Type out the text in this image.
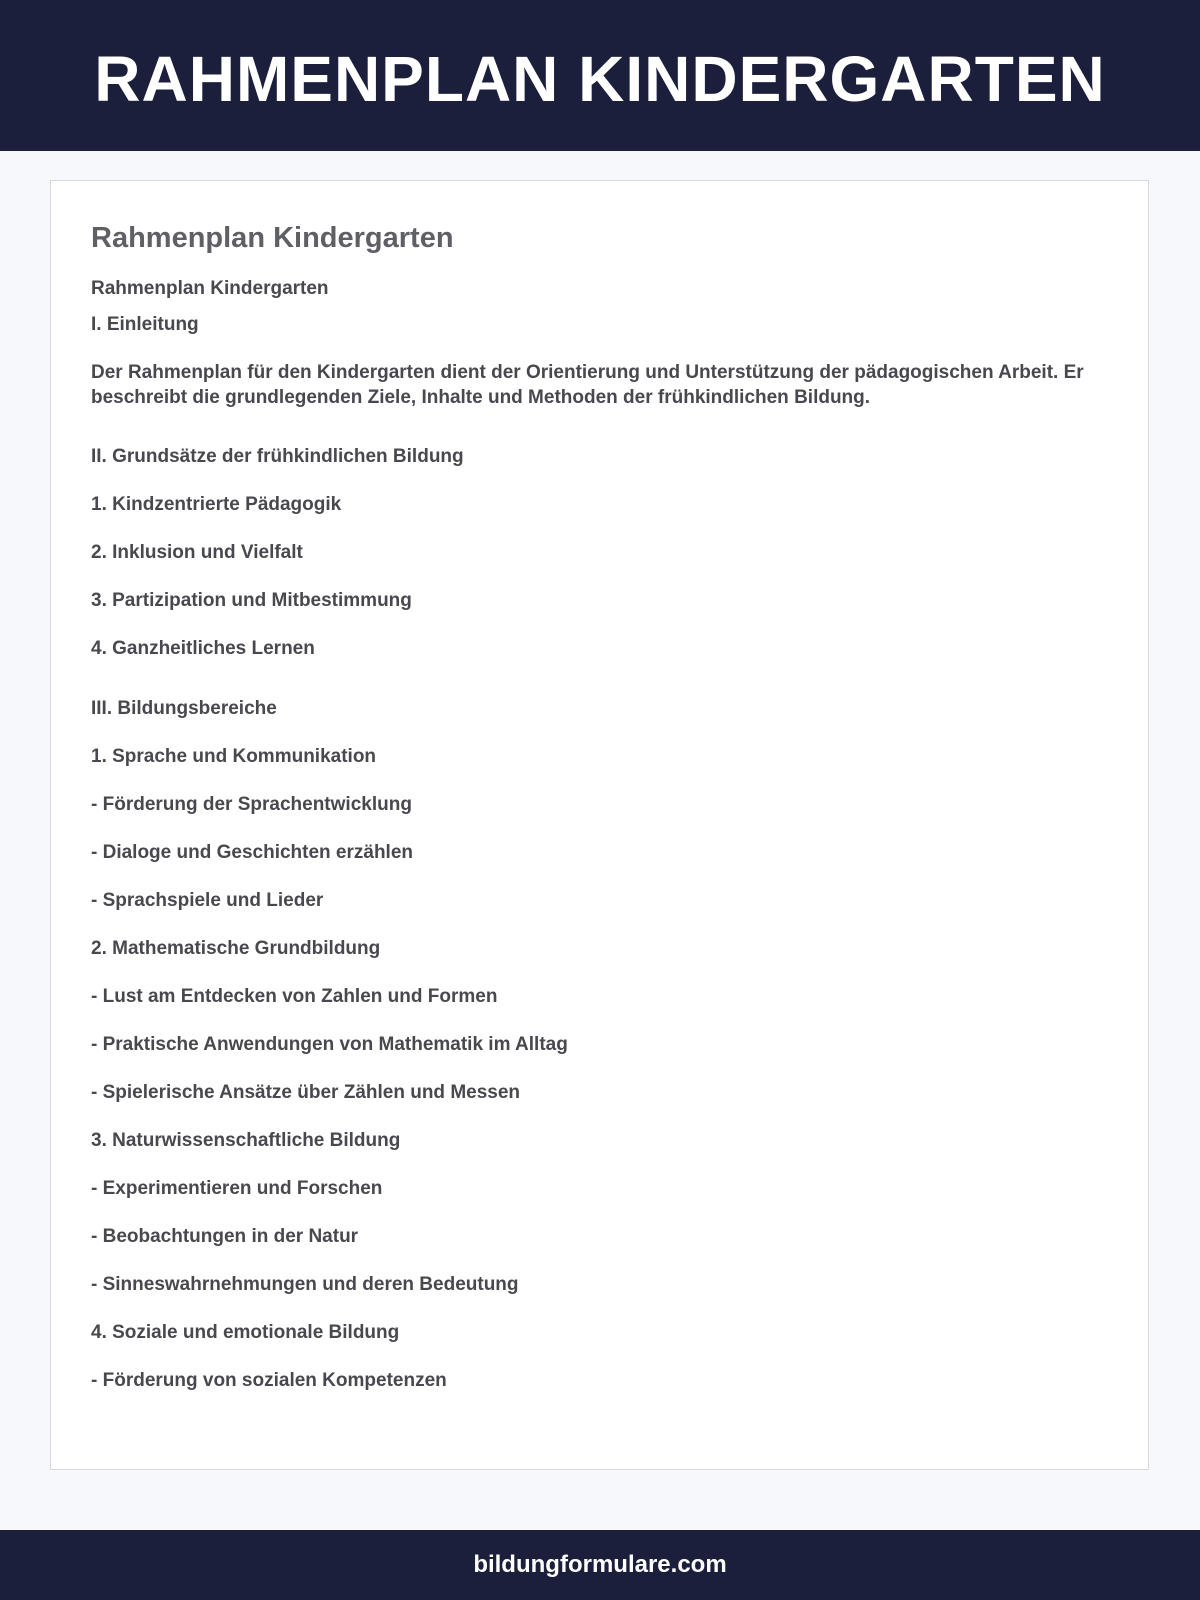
RAHMENPLAN KINDERGARTEN
Rahmenplan Kindergarten

Rahmenplan Kindergarten

I. Einleitung

Der Rahmenplan für den Kindergarten dient der Orientierung und Unterstützung der pädagogischen Arbeit. Er beschreibt die grundlegenden Ziele, Inhalte und Methoden der frühkindlichen Bildung.

II. Grundsätze der frühkindlichen Bildung

1. Kindzentrierte Pädagogik

2. Inklusion und Vielfalt

3. Partizipation und Mitbestimmung

4. Ganzheitliches Lernen

III. Bildungsbereiche

1. Sprache und Kommunikation

- Förderung der Sprachentwicklung

- Dialoge und Geschichten erzählen

- Sprachspiele und Lieder

2. Mathematische Grundbildung

- Lust am Entdecken von Zahlen und Formen

- Praktische Anwendungen von Mathematik im Alltag

- Spielerische Ansätze über Zählen und Messen

3. Naturwissenschaftliche Bildung

- Experimentieren und Forschen

- Beobachtungen in der Natur

- Sinneswahrnehmungen und deren Bedeutung

4. Soziale und emotionale Bildung

- Förderung von sozialen Kompetenzen

bildungformulare.com
